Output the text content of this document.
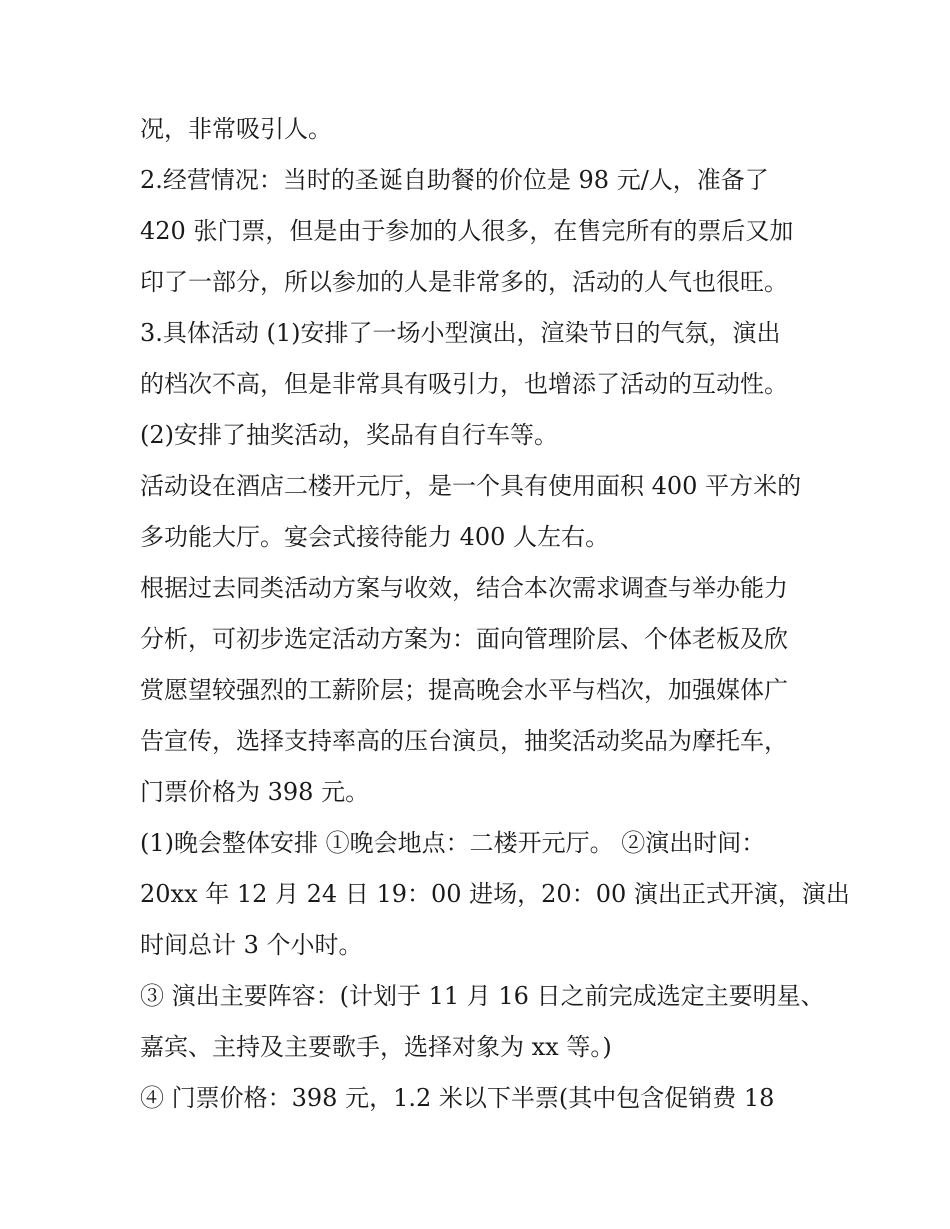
况，非常吸引人。
2.经营情况：当时的圣诞自助餐的价位是 98 元/人，准备了
420 张门票，但是由于参加的人很多，在售完所有的票后又加
印了一部分，所以参加的人是非常多的，活动的人气也很旺。
3.具体活动 (1)安排了一场小型演出，渲染节日的气氛，演出
的档次不高，但是非常具有吸引力，也增添了活动的互动性。
(2)安排了抽奖活动，奖品有自行车等。
活动设在酒店二楼开元厅，是一个具有使用面积 400 平方米的
多功能大厅。宴会式接待能力 400 人左右。
根据过去同类活动方案与收效，结合本次需求调查与举办能力
分析，可初步选定活动方案为：面向管理阶层、个体老板及欣
赏愿望较强烈的工薪阶层；提高晚会水平与档次，加强媒体广
告宣传，选择支持率高的压台演员，抽奖活动奖品为摩托车，
门票价格为 398 元。
(1)晚会整体安排 ①晚会地点：二楼开元厅。 ②演出时间：
20xx 年 12 月 24 日 19：00 进场，20：00 演出正式开演，演出
时间总计 3 个小时。
③ 演出主要阵容：(计划于 11 月 16 日之前完成选定主要明星、
嘉宾、主持及主要歌手，选择对象为 xx 等。)
④ 门票价格：398 元，1.2 米以下半票(其中包含促销费 18
